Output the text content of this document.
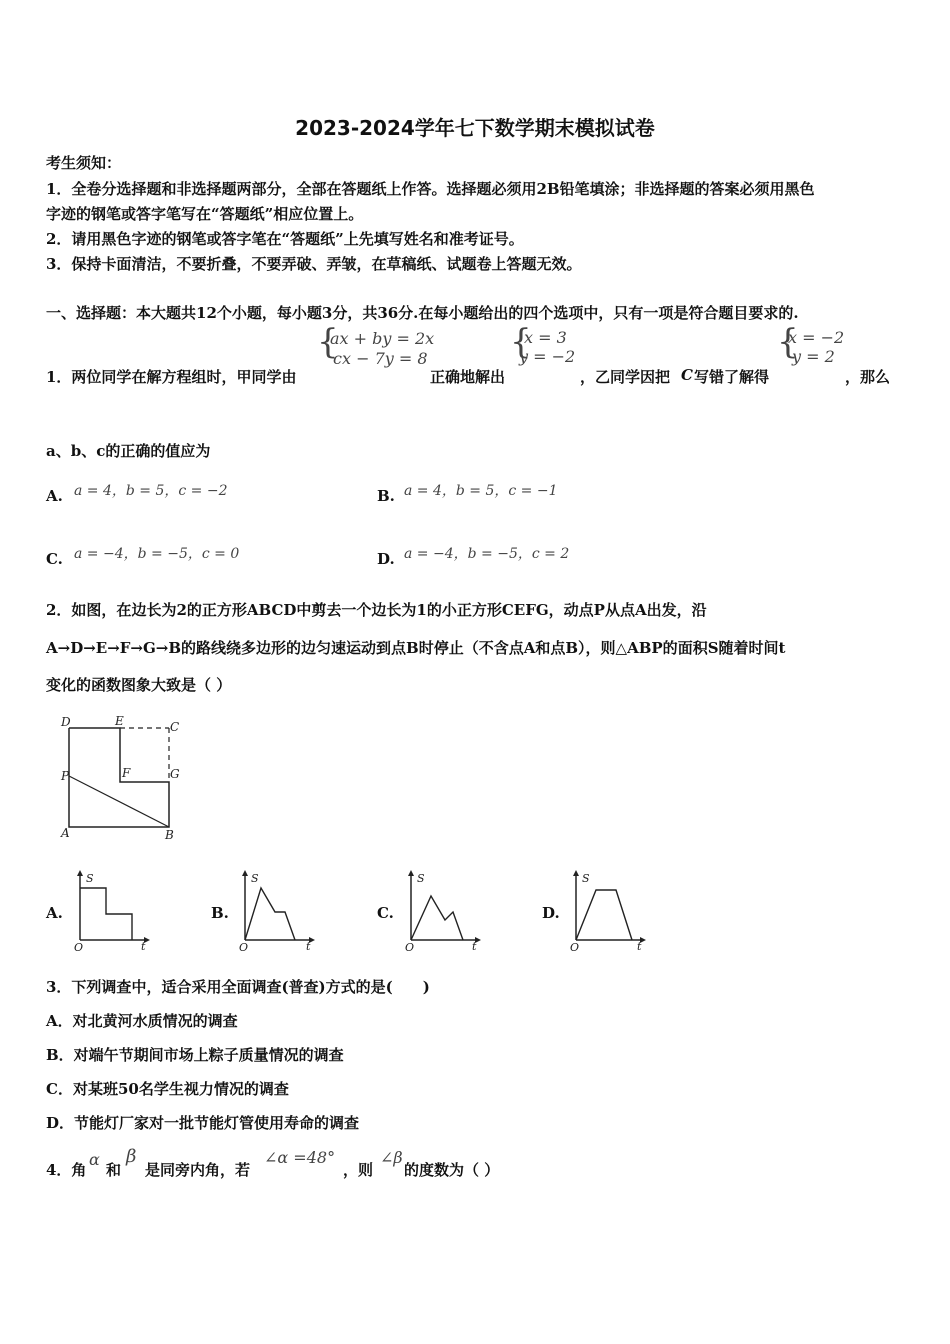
2023-2024学年七下数学期末模拟试卷
考生须知：
1．全卷分选择题和非选择题两部分，全部在答题纸上作答。选择题必须用2B铅笔填涂；非选择题的答案必须用黑色
字迹的钢笔或答字笔写在“答题纸”相应位置上。
2．请用黑色字迹的钢笔或答字笔在“答题纸”上先填写姓名和准考证号。
3．保持卡面清洁，不要折叠，不要弄破、弄皱，在草稿纸、试题卷上答题无效。
一、选择题：本大题共12个小题，每小题3分，共36分.在每小题给出的四个选项中，只有一项是符合题目要求的.
1．两位同学在解方程组时，甲同学由
{
ax + by = 2x
cx − 7y = 8
正确地解出
{
x = 3
y = −2
，乙同学因把 C 写错了解得
{
x = −2
y = 2
，那么
a、b、c的正确的值应为
A. a = 4，b = 5，c = −2	B. a = 4，b = 5，c = −1
C. a = −4，b = −5，c = 0	D. a = −4，b = −5，c = 2
2．如图，在边长为2的正方形ABCD中剪去一个边长为1的小正方形CEFG，动点P从点A出发，沿
A→D→E→F→G→B的路线绕多边形的边匀速运动到点B时停止（不含点A和点B），则△ABP的面积S随着时间t
变化的函数图象大致是（ ）
D	E	C
P	F	G
A	B
A.
S
O	t
B.
S
O	t
C.
S
O	t
D.
S
O	t
3．下列调查中，适合采用全面调查(普查)方式的是(　　)
A．对北黄河水质情况的调查
B．对端午节期间市场上粽子质量情况的调查
C．对某班50名学生视力情况的调查
D．节能灯厂家对一批节能灯管使用寿命的调查
4．角
α
和
β
是同旁内角，若
∠α =48°
，则
∠β
的度数为（ ）
